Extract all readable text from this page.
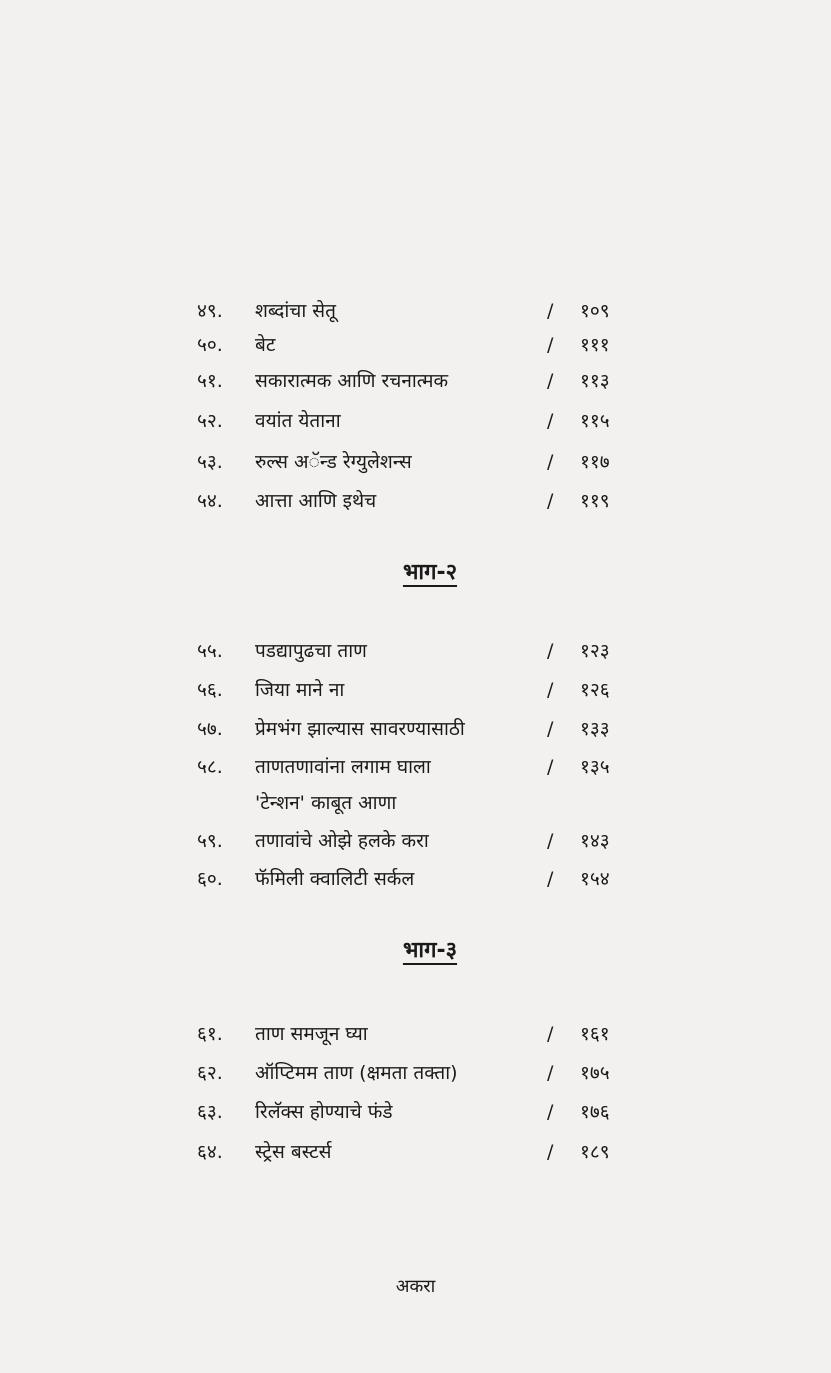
४९. शब्दांचा सेतू	/ १०९
५०. बेट	/ १११
५१. सकारात्मक आणि रचनात्मक	/ ११३
५२. वयांत येताना	/ ११५
५३. रुल्स अॅन्ड रेग्युलेशन्स	/ ११७
५४. आत्ता आणि इथेच	/ ११९
भाग-२
५५. पडद्यापुढचा ताण	/ १२३
५६. जिया माने ना	/ १२६
५७. प्रेमभंग झाल्यास सावरण्यासाठी	/ १३३
५८. ताणतणावांना लगाम घाला	/ १३५
'टेन्शन' काबूत आणा
५९. तणावांचे ओझे हलके करा	/ १४३
६०. फॅमिली क्वालिटी सर्कल	/ १५४
भाग-३
६१. ताण समजून घ्या	/ १६१
६२. ऑप्टिमम ताण (क्षमता तक्ता)	/ १७५
६३. रिलॅक्स होण्याचे फंडे	/ १७६
६४. स्ट्रेस बस्टर्स	/ १८९
अकरा
